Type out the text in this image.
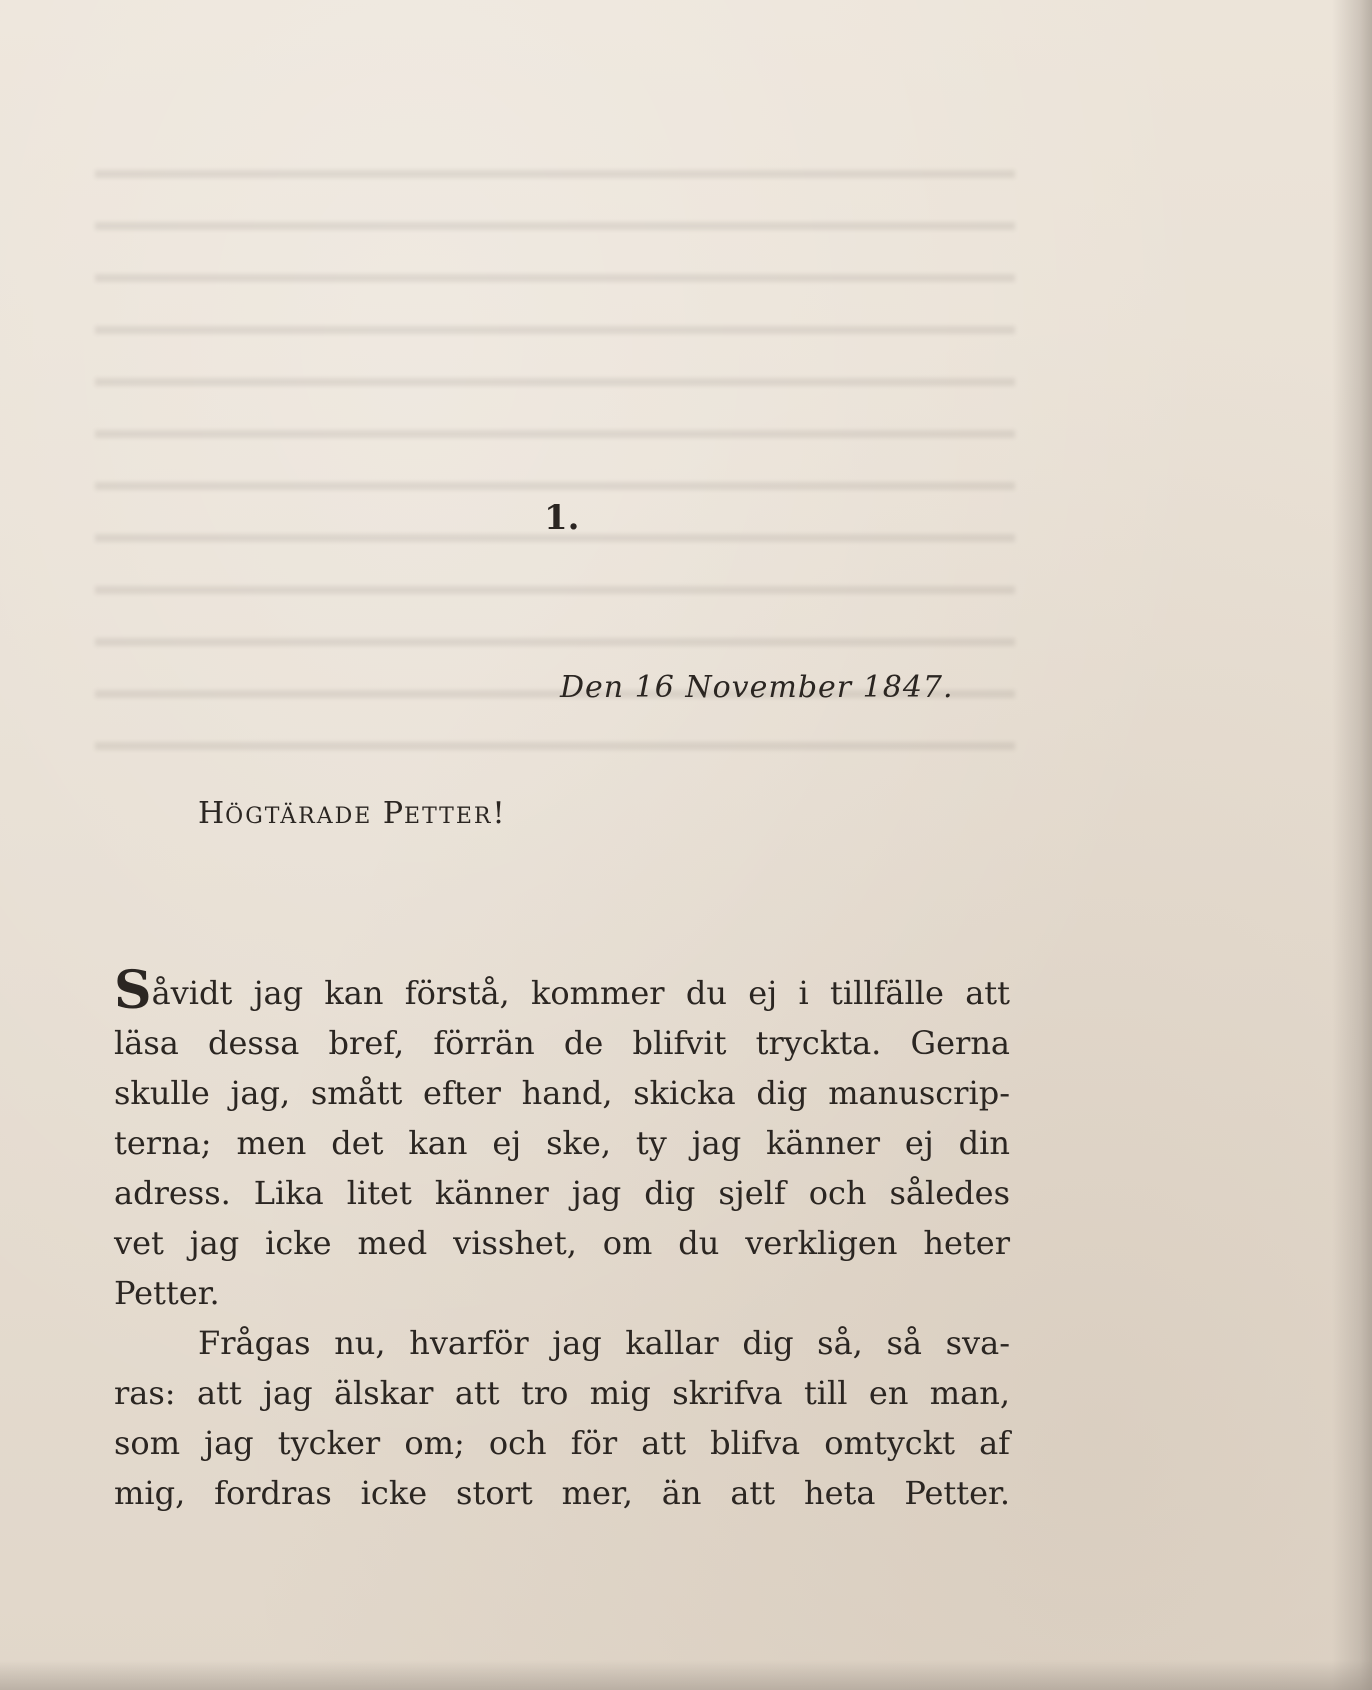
1.
Den 16 November 1847.
HÖGTÄRADE PETTER!
Såvidt jag kan förstå, kommer du ej i tillfälle att
läsa dessa bref, förrän de blifvit tryckta. Gerna
skulle jag, smått efter hand, skicka dig manuscrip-
terna; men det kan ej ske, ty jag känner ej din
adress. Lika litet känner jag dig sjelf och således
vet jag icke med visshet, om du verkligen heter
Petter.
Frågas nu, hvarför jag kallar dig så, så sva-
ras: att jag älskar att tro mig skrifva till en man,
som jag tycker om; och för att blifva omtyckt af
mig, fordras icke stort mer, än att heta Petter.
